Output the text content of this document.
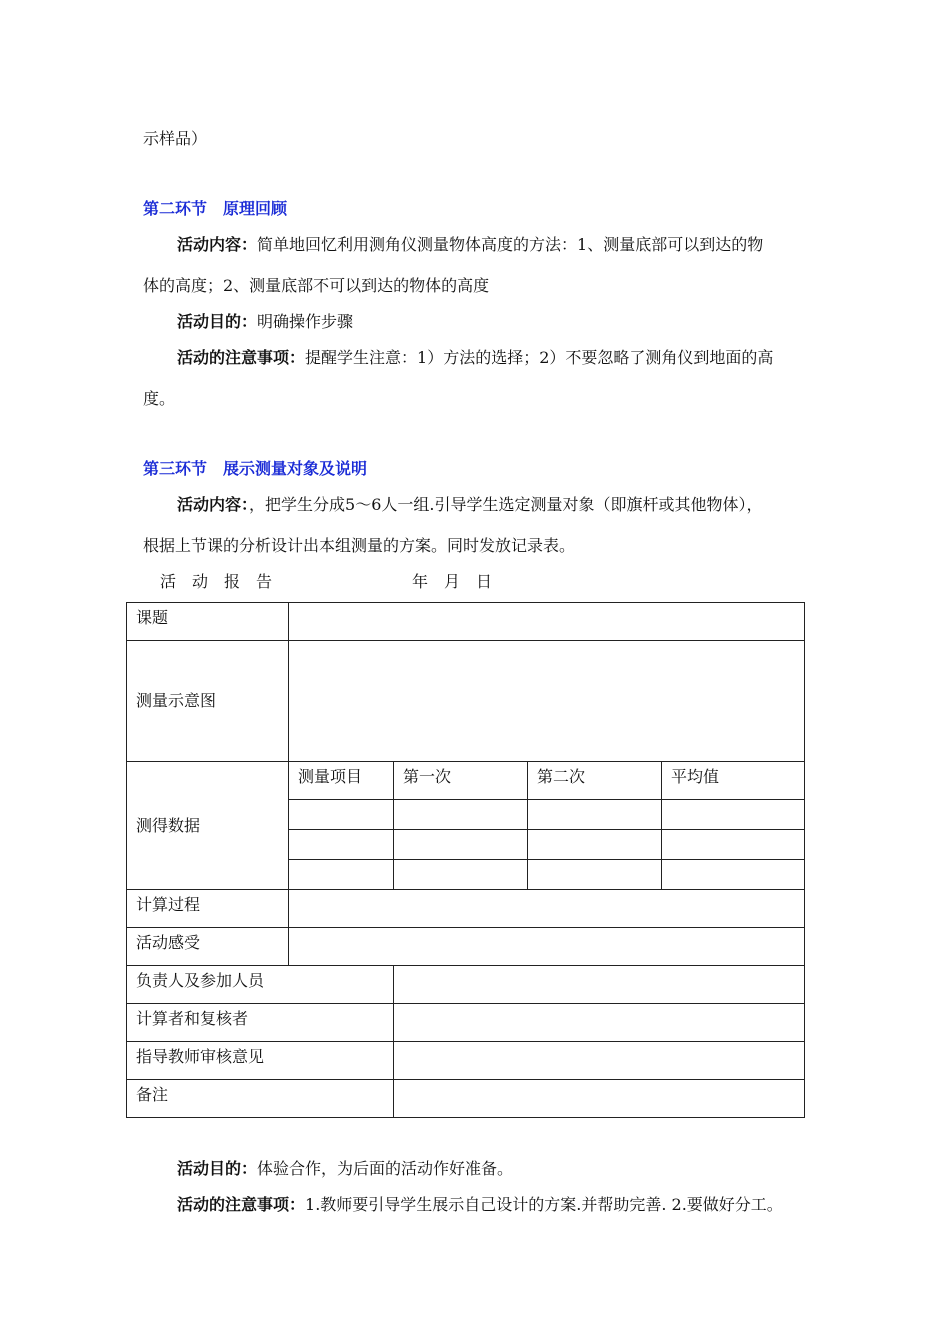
示样品）
第二环节　原理回顾
活动内容：简单地回忆利用测角仪测量物体高度的方法：1、测量底部可以到达的物
体的高度；2、测量底部不可以到达的物体的高度
活动目的：明确操作步骤
活动的注意事项：提醒学生注意：1）方法的选择；2）不要忽略了测角仪到地面的高
度。
第三环节　展示测量对象及说明
活动内容：，把学生分成5～6人一组.引导学生选定测量对象（即旗杆或其他物体），
根据上节课的分析设计出本组测量的方案。同时发放记录表。
活　动　报　告	年　月　日
课题				
测量示意图				
测得数据	测量项目	第一次	第二次	平均值

计算过程				
活动感受				
负责人及参加人员				
计算者和复核者				
指导教师审核意见				
备注				
活动目的：体验合作，为后面的活动作好准备。
活动的注意事项：1.教师要引导学生展示自己设计的方案.并帮助完善. 2.要做好分工。
